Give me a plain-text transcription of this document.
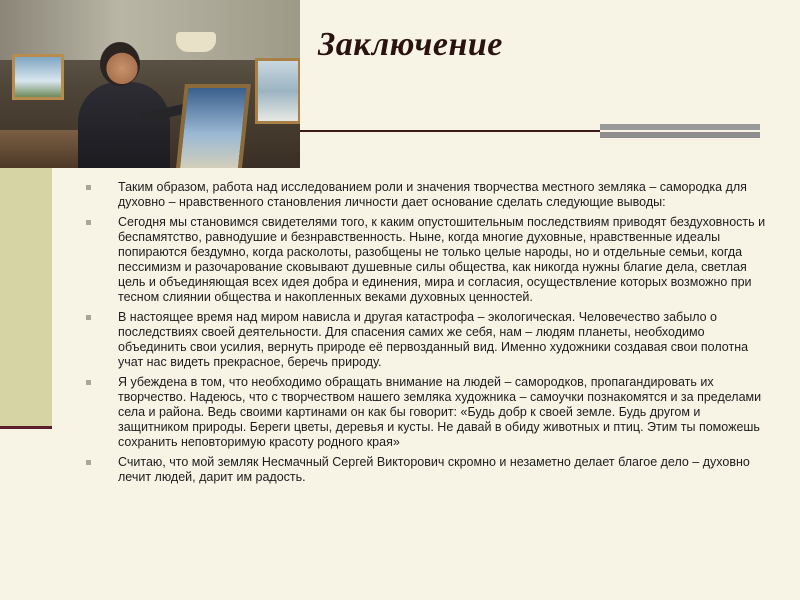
Заключение
Таким образом, работа над исследованием роли и значения творчества местного земляка – самородка для духовно – нравственного становления личности дает основание сделать следующие выводы:
Сегодня мы становимся свидетелями того, к каким опустошительным последствиям приводят бездуховность и беспамятство, равнодушие и безнравственность. Ныне, когда многие духовные, нравственные идеалы попираются бездумно, когда расколоты, разобщены не только целые народы, но и отдельные семьи, когда пессимизм и разочарование сковывают душевные силы общества, как никогда нужны благие дела, светлая цель и объединяющая всех идея добра и единения, мира и согласия, осуществление которых возможно при тесном слиянии общества и накопленных веками духовных ценностей.
В настоящее время над миром нависла и другая катастрофа – экологическая. Человечество забыло о последствиях своей деятельности. Для спасения самих же себя, нам – людям планеты, необходимо объединить свои усилия, вернуть природе её первозданный вид. Именно художники создавая свои полотна учат нас видеть прекрасное, беречь природу.
Я убеждена в том, что необходимо обращать внимание на людей – самородков, пропагандировать их творчество. Надеюсь, что с творчеством нашего земляка художника – самоучки познакомятся и за пределами села и района. Ведь своими картинами он как бы говорит: «Будь добр к своей земле. Будь другом и защитником природы. Береги цветы, деревья и кусты. Не давай в обиду животных и птиц. Этим ты поможешь сохранить неповторимую красоту родного края»
Считаю, что мой земляк Несмачный Сергей Викторович скромно и незаметно делает благое дело – духовно лечит людей, дарит им радость.
